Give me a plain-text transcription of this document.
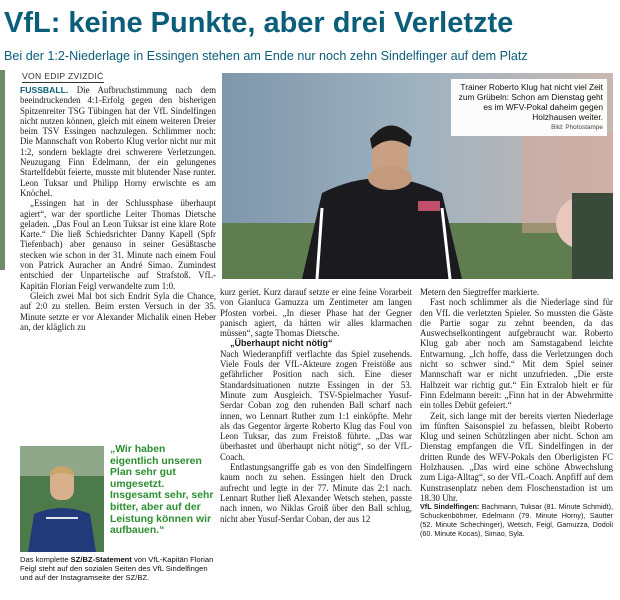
VfL: keine Punkte, aber drei Verletzte
Bei der 1:2-Niederlage in Essingen stehen am Ende nur noch zehn Sindelfinger auf dem Platz
VON EDIP ZVIZDIĆ

FUSSBALL. Die Aufbruchstimmung nach dem beeindruckenden 4:1-Erfolg gegen den bisherigen Spitzenreiter TSG Tübingen hat der VfL Sindelfingen nicht nutzen können, gleich mit einem weiteren Dreier beim TSV Essingen nachzulegen. Schlimmer noch: Die Mannschaft von Roberto Klug verlor nicht nur mit 1:2, sondern beklagte drei schwerere Verletzungen. Neuzugang Finn Edelmann, der ein gelungenes Startelfdebüt feierte, musste mit blutender Nase runter. Leon Tuksar und Philipp Horny erwischte es am Knöchel.

„Essingen hat in der Schlussphase überhaupt agiert“, war der sportliche Leiter Thomas Dietsche geladen. „Das Foul an Leon Tuksar ist eine klare Rote Karte.“ Die ließ Schiedsrichter Danny Kapell (Spfr Tiefenbach) aber genauso in seiner Gesäßtasche stecken wie schon in der 31. Minute nach einem Foul von Patrick Auracher an André Simao. Zumindest entschied der Unparteiische auf Strafstoß. VfL-Kapitän Florian Feigl verwandelte zum 1:0.

Gleich zwei Mal bot sich Endrit Syla die Chance, auf 2:0 zu stellen. Beim ersten Versuch in der 35. Minute setzte er vor Alexander Michalik einen Heber an, der kläglich zu

Trainer Roberto Klug hat nicht viel Zeit zum Grübeln: Schon am Dienstag geht es im WFV-Pokal daheim gegen Holzhausen weiter.
Bild: Photostampe

kurz geriet. Kurz darauf setzte er eine feine Vorarbeit von Gianluca Gamuzza um Zentimeter am langen Pfosten vorbei. „In dieser Phase hat der Gegner panisch agiert, da hätten wir alles klarmachen müssen“, sagte Thomas Dietsche.

„Überhaupt nicht nötig“

Nach Wiederanpfiff verflachte das Spiel zusehends. Viele Fouls der VfL-Akteure zogen Freistöße aus gefährlicher Position nach sich. Eine dieser Standardsituationen nutzte Essingen in der 53. Minute zum Ausgleich. TSV-Spielmacher Yusuf-Serdar Coban zog den ruhenden Ball scharf nach innen, wo Lennart Ruther zum 1:1 einköpfte. Mehr als das Gegentor ärgerte Roberto Klug das Foul von Leon Tuksar, das zum Freistoß führte. „Das war überhastet und überhaupt nicht nötig“, so der VfL-Coach.

Entlastungsangriffe gab es von den Sindelfingern kaum noch zu sehen. Essingen hielt den Druck aufrecht und legte in der 77. Minute das 2:1 nach. Lennart Ruther ließ Alexander Wetsch stehen, passte nach innen, wo Niklas Groiß über den Ball schlug, nicht aber Yusuf-Serdar Coban, der aus 12

Metern den Siegtreffer markierte.

Fast noch schlimmer als die Niederlage sind für den VfL die verletzten Spieler. So mussten die Gäste die Partie sogar zu zehnt beenden, da das Auswechselkontingent aufgebraucht war. Roberto Klug gab aber noch am Samstagabend leichte Entwarnung. „Ich hoffe, dass die Verletzungen doch nicht so schwer sind.“ Mit dem Spiel seiner Mannschaft war er nicht unzufrieden. „Die erste Halbzeit war richtig gut.“ Ein Extralob hielt er für Finn Edelmann bereit: „Finn hat in der Abwehrmitte ein tolles Debüt gefeiert.“

Zeit, sich lange mit der bereits vierten Niederlage im fünften Saisonspiel zu befassen, bleibt Roberto Klug und seinen Schützlingen aber nicht. Schon am Dienstag empfangen die VfL Sindelfingen in der dritten Runde des WFV-Pokals den Oberligisten FC Holzhausen. „Das wird eine schöne Abwechslung zum Liga-Alltag“, so der VfL-Coach. Anpfiff auf dem Kunstrasenplatz neben dem Floschenstadion ist um 18.30 Uhr.

VfL Sindelfingen: Bachmann, Tuksar (81. Minute Schmidt), Schuckenböhmer, Edelmann (79. Minute Horny), Sautter (52. Minute Schechinger), Wetsch, Feigl, Gamuzza, Dodoli (60. Minute Kocas), Simao, Syla.

„Wir haben eigentlich unseren Plan sehr gut umgesetzt. Insgesamt sehr, sehr bitter, aber auf der Leistung können wir aufbauen.“
Das komplette SZ/BZ-Statement von VfL-Kapitän Florian Feigl steht auf den sozialen Seiten des VfL Sindelfingen und auf der Instagramseite der SZ/BZ.
